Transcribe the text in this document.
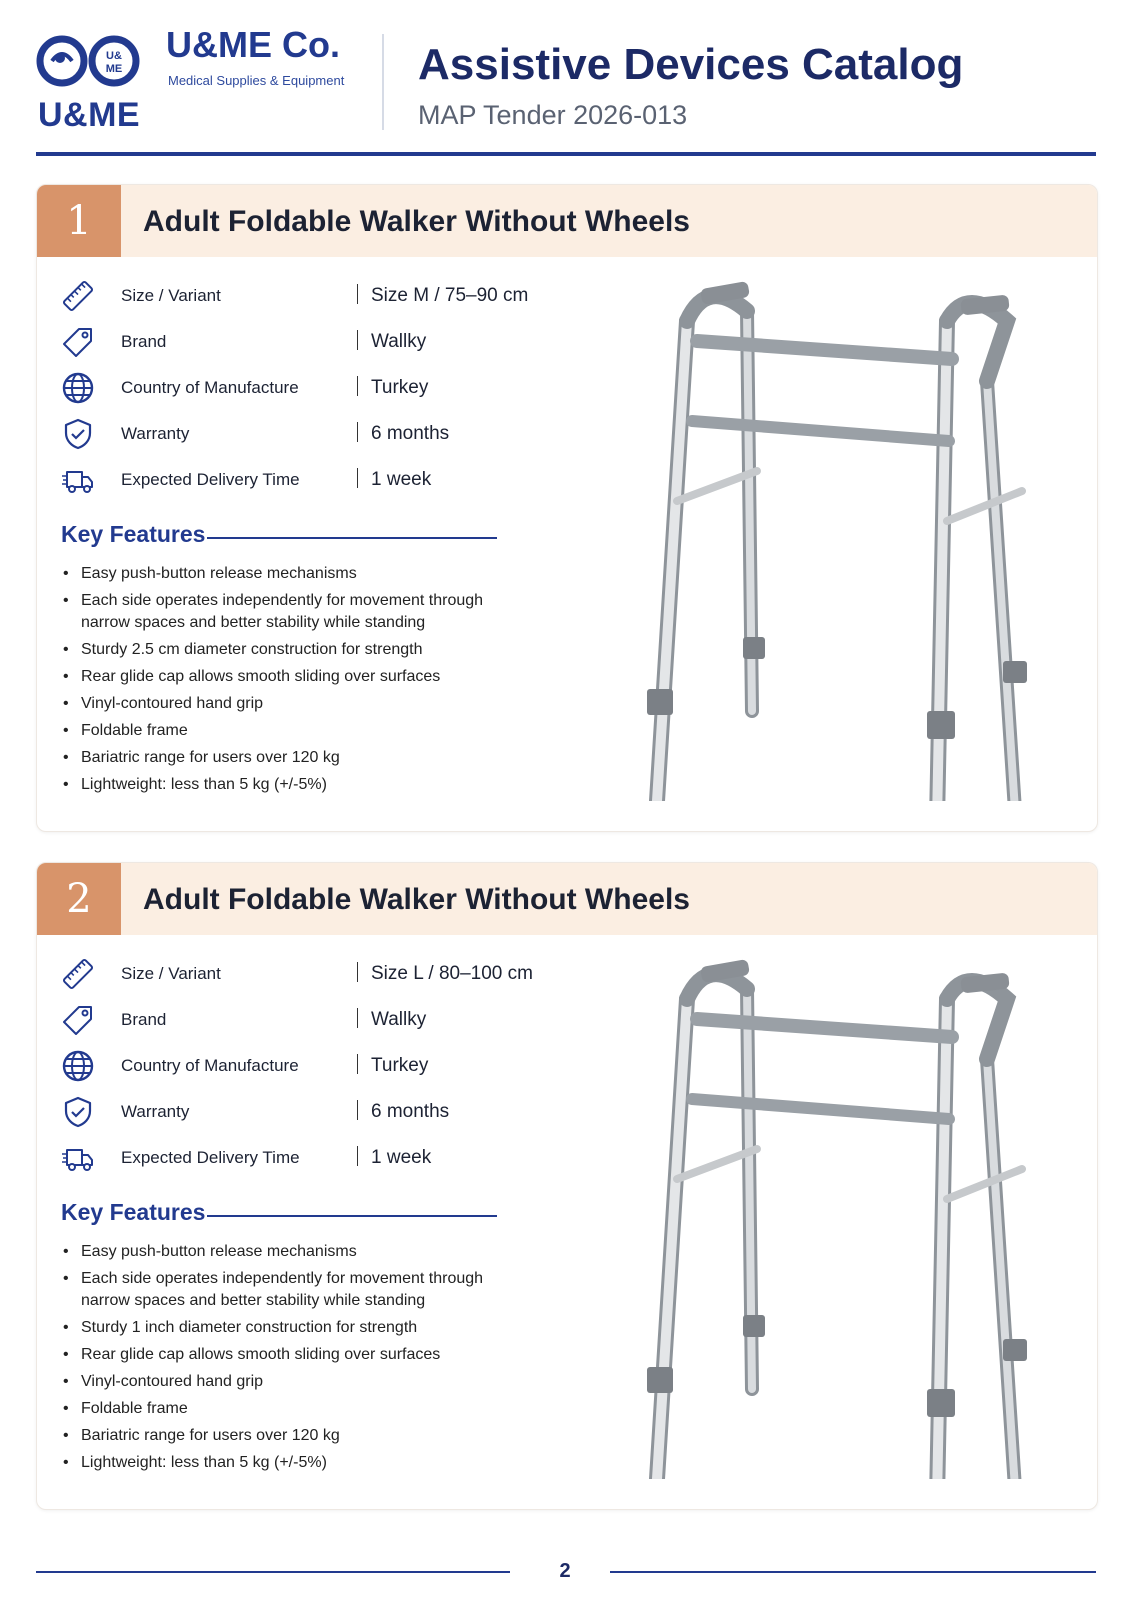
U&
ME
U&ME
U&ME Co.
Medical Supplies & Equipment Assistive Devices Catalog
MAP Tender 2026-013
1	Adult Foldable Walker Without Wheels
Size / Variant	Size M / 75–90 cm
Brand	Wallky
Country of Manufacture	Turkey
Warranty	6 months
Expected Delivery Time	1 week
Key Features
• Easy push-button release mechanisms
• Each side operates independently for movement through narrow spaces and better stability while standing
• Sturdy 2.5 cm diameter construction for strength
• Rear glide cap allows smooth sliding over surfaces
• Vinyl-contoured hand grip
• Foldable frame
• Bariatric range for users over 120 kg
• Lightweight: less than 5 kg (+/-5%)
2	Adult Foldable Walker Without Wheels
Size / Variant	Size L / 80–100 cm
Brand	Wallky
Country of Manufacture	Turkey
Warranty	6 months
Expected Delivery Time	1 week
Key Features
• Easy push-button release mechanisms
• Each side operates independently for movement through narrow spaces and better stability while standing
• Sturdy 1 inch diameter construction for strength
• Rear glide cap allows smooth sliding over surfaces
• Vinyl-contoured hand grip
• Foldable frame
• Bariatric range for users over 120 kg
• Lightweight: less than 5 kg (+/-5%)
2
